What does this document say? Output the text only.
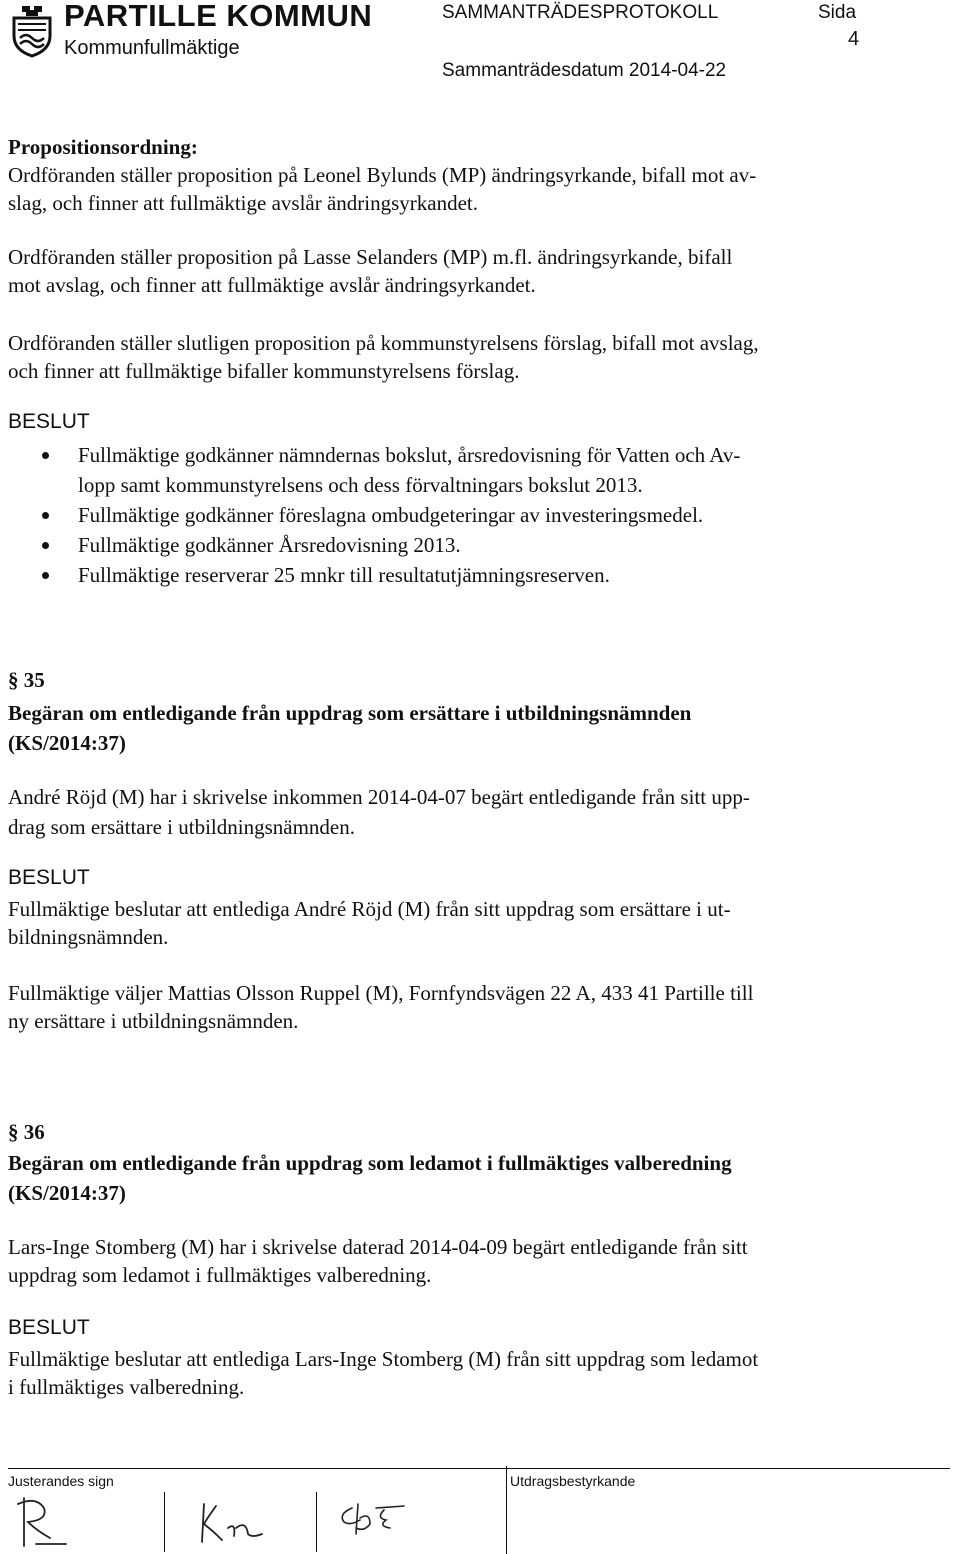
PARTILLE KOMMUN
Kommunfullmäktige
SAMMANTRÄDESPROTOKOLL	Sida
4
Sammanträdesdatum 2014-04-22
Propositionsordning:
Ordföranden ställer proposition på Leonel Bylunds (MP) ändringsyrkande, bifall mot av-
slag, och finner att fullmäktige avslår ändringsyrkandet.
Ordföranden ställer proposition på Lasse Selanders (MP) m.fl. ändringsyrkande, bifall
mot avslag, och finner att fullmäktige avslår ändringsyrkandet.
Ordföranden ställer slutligen proposition på kommunstyrelsens förslag, bifall mot avslag,
och finner att fullmäktige bifaller kommunstyrelsens förslag.
BESLUT
Fullmäktige godkänner nämndernas bokslut, årsredovisning för Vatten och Av-
lopp samt kommunstyrelsens och dess förvaltningars bokslut 2013.
Fullmäktige godkänner föreslagna ombudgeteringar av investeringsmedel.
Fullmäktige godkänner Årsredovisning 2013.
Fullmäktige reserverar 25 mnkr till resultatutjämningsreserven.
§ 35
Begäran om entledigande från uppdrag som ersättare i utbildningsnämnden
(KS/2014:37)
André Röjd (M) har i skrivelse inkommen 2014-04-07 begärt entledigande från sitt upp-
drag som ersättare i utbildningsnämnden.
BESLUT
Fullmäktige beslutar att entlediga André Röjd (M) från sitt uppdrag som ersättare i ut-
bildningsnämnden.
Fullmäktige väljer Mattias Olsson Ruppel (M), Fornfyndsvägen 22 A, 433 41 Partille till
ny ersättare i utbildningsnämnden.
§ 36
Begäran om entledigande från uppdrag som ledamot i fullmäktiges valberedning
(KS/2014:37)
Lars-Inge Stomberg (M) har i skrivelse daterad 2014-04-09 begärt entledigande från sitt
uppdrag som ledamot i fullmäktiges valberedning.
BESLUT
Fullmäktige beslutar att entlediga Lars-Inge Stomberg (M) från sitt uppdrag som ledamot
i fullmäktiges valberedning.
Justerandes sign	Utdragsbestyrkande
